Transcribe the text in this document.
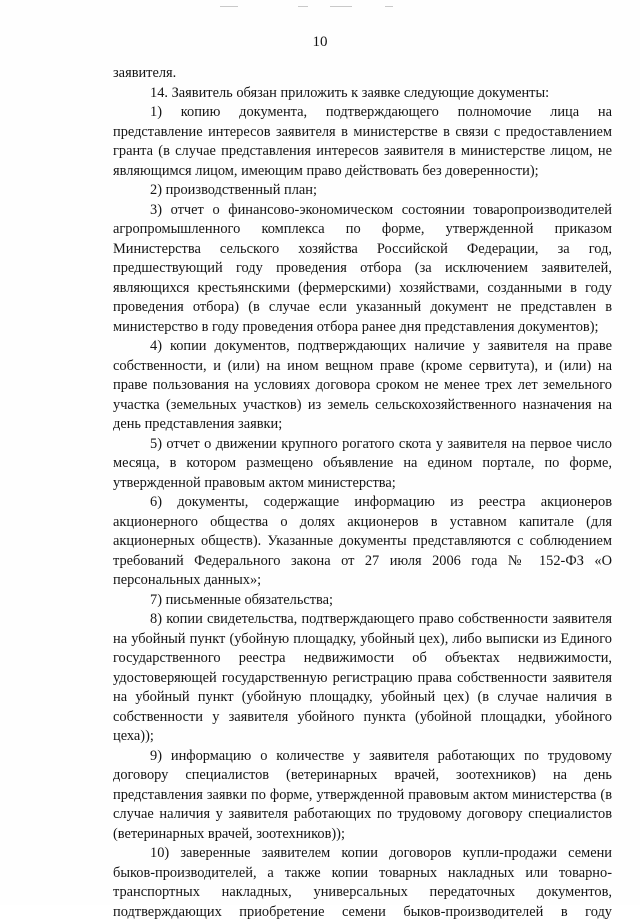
10

заявителя.

14. Заявитель обязан приложить к заявке следующие документы:

1) копию документа, подтверждающего полномочие лица на представление интересов заявителя в министерстве в связи с предоставлением гранта (в случае представления интересов заявителя в министерстве лицом, не являющимся лицом, имеющим право действовать без доверенности);

2) производственный план;

3) отчет о финансово-экономическом состоянии товаропроизводителей агропромышленного комплекса по форме, утвержденной приказом Министерства сельского хозяйства Российской Федерации, за год, предшествующий году проведения отбора (за исключением заявителей, являющихся крестьянскими (фермерскими) хозяйствами, созданными в году проведения отбора) (в случае если указанный документ не представлен в министерство в году проведения отбора ранее дня представления документов);

4) копии документов, подтверждающих наличие у заявителя на праве собственности, и (или) на ином вещном праве (кроме сервитута), и (или) на праве пользования на условиях договора сроком не менее трех лет земельного участка (земельных участков) из земель сельскохозяйственного назначения на день представления заявки;

5) отчет о движении крупного рогатого скота у заявителя на первое число месяца, в котором размещено объявление на едином портале, по форме, утвержденной правовым актом министерства;

6) документы, содержащие информацию из реестра акционеров акционерного общества о долях акционеров в уставном капитале (для акционерных обществ). Указанные документы представляются с соблюдением требований Федерального закона от 27 июля 2006 года № 152-ФЗ «О персональных данных»;

7) письменные обязательства;

8) копии свидетельства, подтверждающего право собственности заявителя на убойный пункт (убойную площадку, убойный цех), либо выписки из Единого государственного реестра недвижимости об объектах недвижимости, удостоверяющей государственную регистрацию права собственности заявителя на убойный пункт (убойную площадку, убойный цех) (в случае наличия в собственности у заявителя убойного пункта (убойной площадки, убойного цеха));

9) информацию о количестве у заявителя работающих по трудовому договору специалистов (ветеринарных врачей, зоотехников) на день представления заявки по форме, утвержденной правовым актом министерства (в случае наличия у заявителя работающих по трудовому договору специалистов (ветеринарных врачей, зоотехников));

10) заверенные заявителем копии договоров купли-продажи семени быков-производителей, а также копии товарных накладных или товарно-транспортных накладных, универсальных передаточных документов, подтверждающих приобретение семени быков-производителей в году
